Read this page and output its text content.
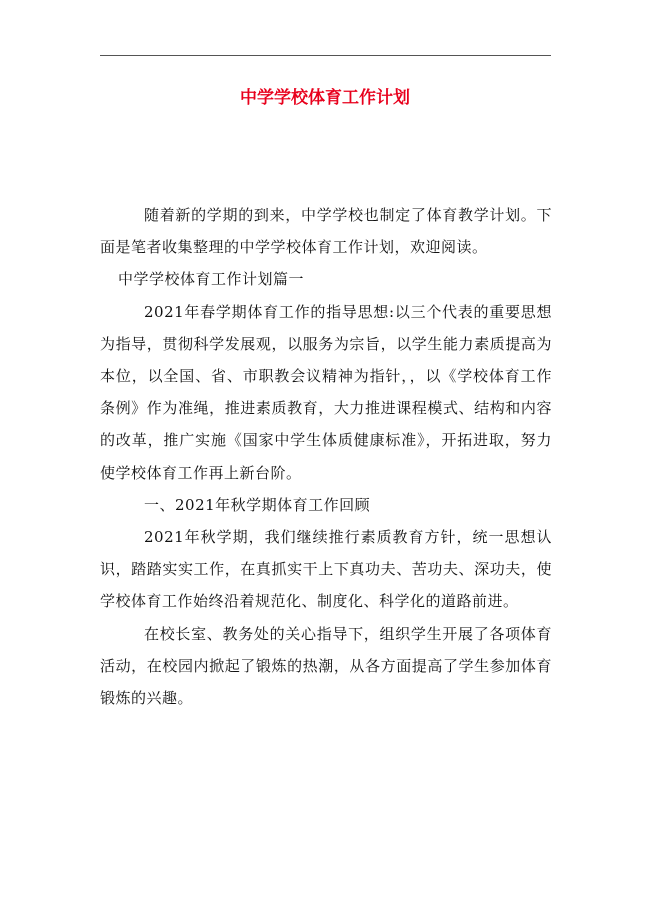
中学学校体育工作计划

随着新的学期的到来，中学学校也制定了体育教学计划。下面是笔者收集整理的中学学校体育工作计划，欢迎阅读。

中学学校体育工作计划篇一

2021年春学期体育工作的指导思想:以三个代表的重要思想为指导，贯彻科学发展观，以服务为宗旨，以学生能力素质提高为本位，以全国、省、市职教会议精神为指针，，以《学校体育工作条例》作为准绳，推进素质教育，大力推进课程模式、结构和内容的改革，推广实施《国家中学生体质健康标准》，开拓进取，努力使学校体育工作再上新台阶。

一、2021年秋学期体育工作回顾

2021年秋学期，我们继续推行素质教育方针，统一思想认识，踏踏实实工作，在真抓实干上下真功夫、苦功夫、深功夫，使学校体育工作始终沿着规范化、制度化、科学化的道路前进。

在校长室、教务处的关心指导下，组织学生开展了各项体育活动，在校园内掀起了锻炼的热潮，从各方面提高了学生参加体育锻炼的兴趣。
